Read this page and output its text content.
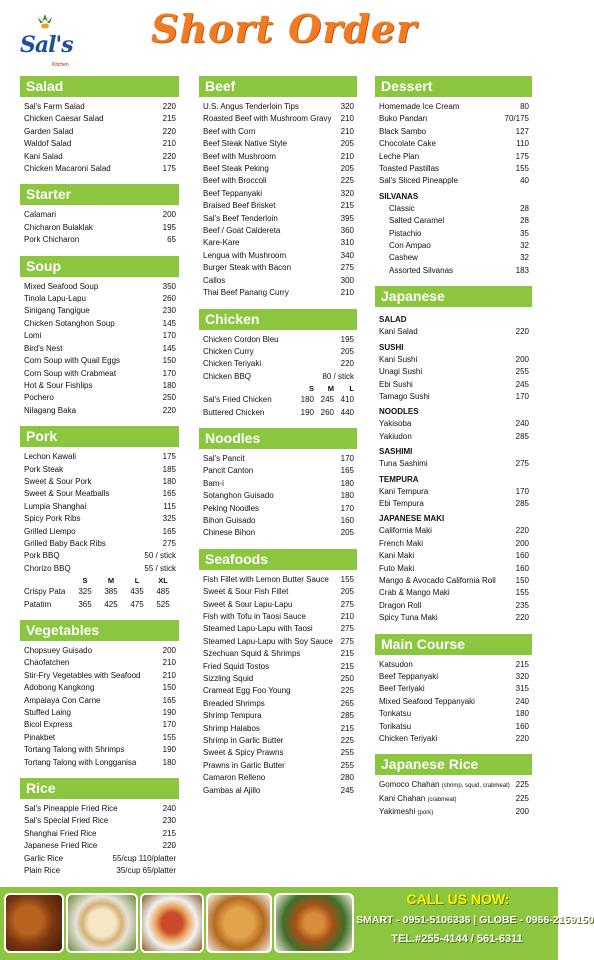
Sal's
Kitchen
Short Order
Salad
Sal's Farm Salad	220
Chicken Caesar Salad	215
Garden Salad	220
Waldof Salad	210
Kani Salad	220
Chicken Macaroni Salad	175
Starter
Calamari	200
Chicharon Bulaklak	195
Pork Chicharon	65
Soup
Mixed Seafood Soup	350
Tinola Lapu-Lapu	260
Sinigang Tangigue	230
Chicken Sotanghon Soup	145
Lomi	170
Bird's Nest	145
Corn Soup with Quail Eggs	150
Corn Soup with Crabmeat	170
Hot & Sour Fishlips	180
Pochero	250
Nilagang Baka	220
Pork
Lechon Kawali	175
Pork Steak	185
Sweet & Sour Pork	180
Sweet & Sour Meatballs	165
Lumpia Shanghai	115
Spicy Pork Ribs	325
Grilled Liempo	165
Grilled Baby Back Ribs	275
Pork BBQ	50 / stick
Chorizo BBQ	55 / stick
S	M	L	XL
Crispy Pata	325	385	435	485
Patatim	365	425	475	525
Vegetables
Chopsuey Guisado	200
Chaofatchen	210
Stir-Fry Vegetables with Seafood	210
Adobong Kangkong	150
Ampalaya Con Carne	165
Stuffed Laing	190
Bicol Express	170
Pinakbet	155
Tortang Talong with Shrimps	190
Tortang Talong with Longganisa	180
Rice
Sal's Pineapple Fried Rice	240
Sal's Special Fried Rice	230
Shanghai Fried Rice	215
Japanese Fried Rice	220
Garlic Rice	55/cup 110/platter
Plain Rice	35/cup 65/platter
Beef
U.S. Angus Tenderloin Tips	320
Roasted Beef with Mushroom Gravy 210
Beef with Corn	210
Beef Steak Native Style	205
Beef with Mushroom	210
Beef Steak Peking	205
Beef with Broccoli	225
Beef Teppanyaki	320
Braised Beef Brisket	215
Sal's Beef Tenderloin	395
Beef / Goat Caldereta	360
Kare-Kare	310
Lengua with Mushroom	340
Burger Steak with Bacon	275
Callos	300
Thai Beef Panang Curry	210
Chicken
Chicken Cordon Bleu	195
Chicken Curry	205
Chicken Teriyaki	220
Chicken BBQ	80 / stick
S	M	L
Sal's Fried Chicken	180 245 410
Buttered Chicken	190 260 440
Noodles
Sal's Pancit	170
Pancit Canton	165
Bam-i	180
Sotanghon Guisado	180
Peking Noodles	170
Bihon Guisado	160
Chinese Bihon	205
Seafoods
Fish Fillet with Lemon Butter Sauce 155
Sweet & Sour Fish Fillet	205
Sweet & Sour Lapu-Lapu	275
Fish with Tofu in Taosi Sauce	210
Steamed Lapu-Lapu with Taosi	275
Steamed Lapu-Lapu with Soy Sauce 275
Szechuan Squid & Shrimps	215
Fried Squid Tostos	215
Sizzling Squid	250
Crameat Egg Foo Young	225
Breaded Shrimps	265
Shrimp Tempura	285
Shrimp Halabos	215
Shrimp in Garlic Butter	225
Sweet & Spicy Prawns	255
Prawns in Garlic Butter	255
Camaron Relleno	280
Gambas al Ajillo	245
Dessert
Homemade Ice Cream	80
Buko Pandan	70/175
Black Sambo	127
Chocolate Cake	110
Leche Plan	175
Toasted Pastillas	155
Sal's Sliced Pineapple	40
SILVANAS
Classic	28
Salted Caramel	28
Pistachio	35
Con Ampao	32
Cashew	32
Assorted Silvanas	183
Japanese
SALAD
Kani Salad	220
SUSHI
Kani Sushi	200
Unagi Sushi	255
Ebi Sushi	245
Tamago Sushi	170
NOODLES
Yakisoba	240
Yakiudon	285
SASHIMI
Tuna Sashimi	275
TEMPURA
Kani Tempura	170
Ebi Tempura	285
JAPANESE MAKI
California Maki	220
French Maki	200
Kani Maki	160
Futo Maki	160
Mango & Avocado California Roll 150
Crab & Mango Maki	155
Dragon Roll	235
Spicy Tuna Maki	220
Main Course
Katsudon	215
Beef Teppanyaki	320
Beef Teriyaki	315
Mixed Seafood Teppanyaki	240
Tonkatsu	180
Torikatsu	160
Chicken Teriyaki	220
Japanese Rice
Gomoco Chahan (shrimp, squid, crabmeat) 225
Kani Chahan (crabmeat)	225
Yakimeshi (pork)	200
CALL US NOW:
SMART - 0951-5106336 | GLOBE - 0966-2159150
TEL.#255-4144 / 561-6311
